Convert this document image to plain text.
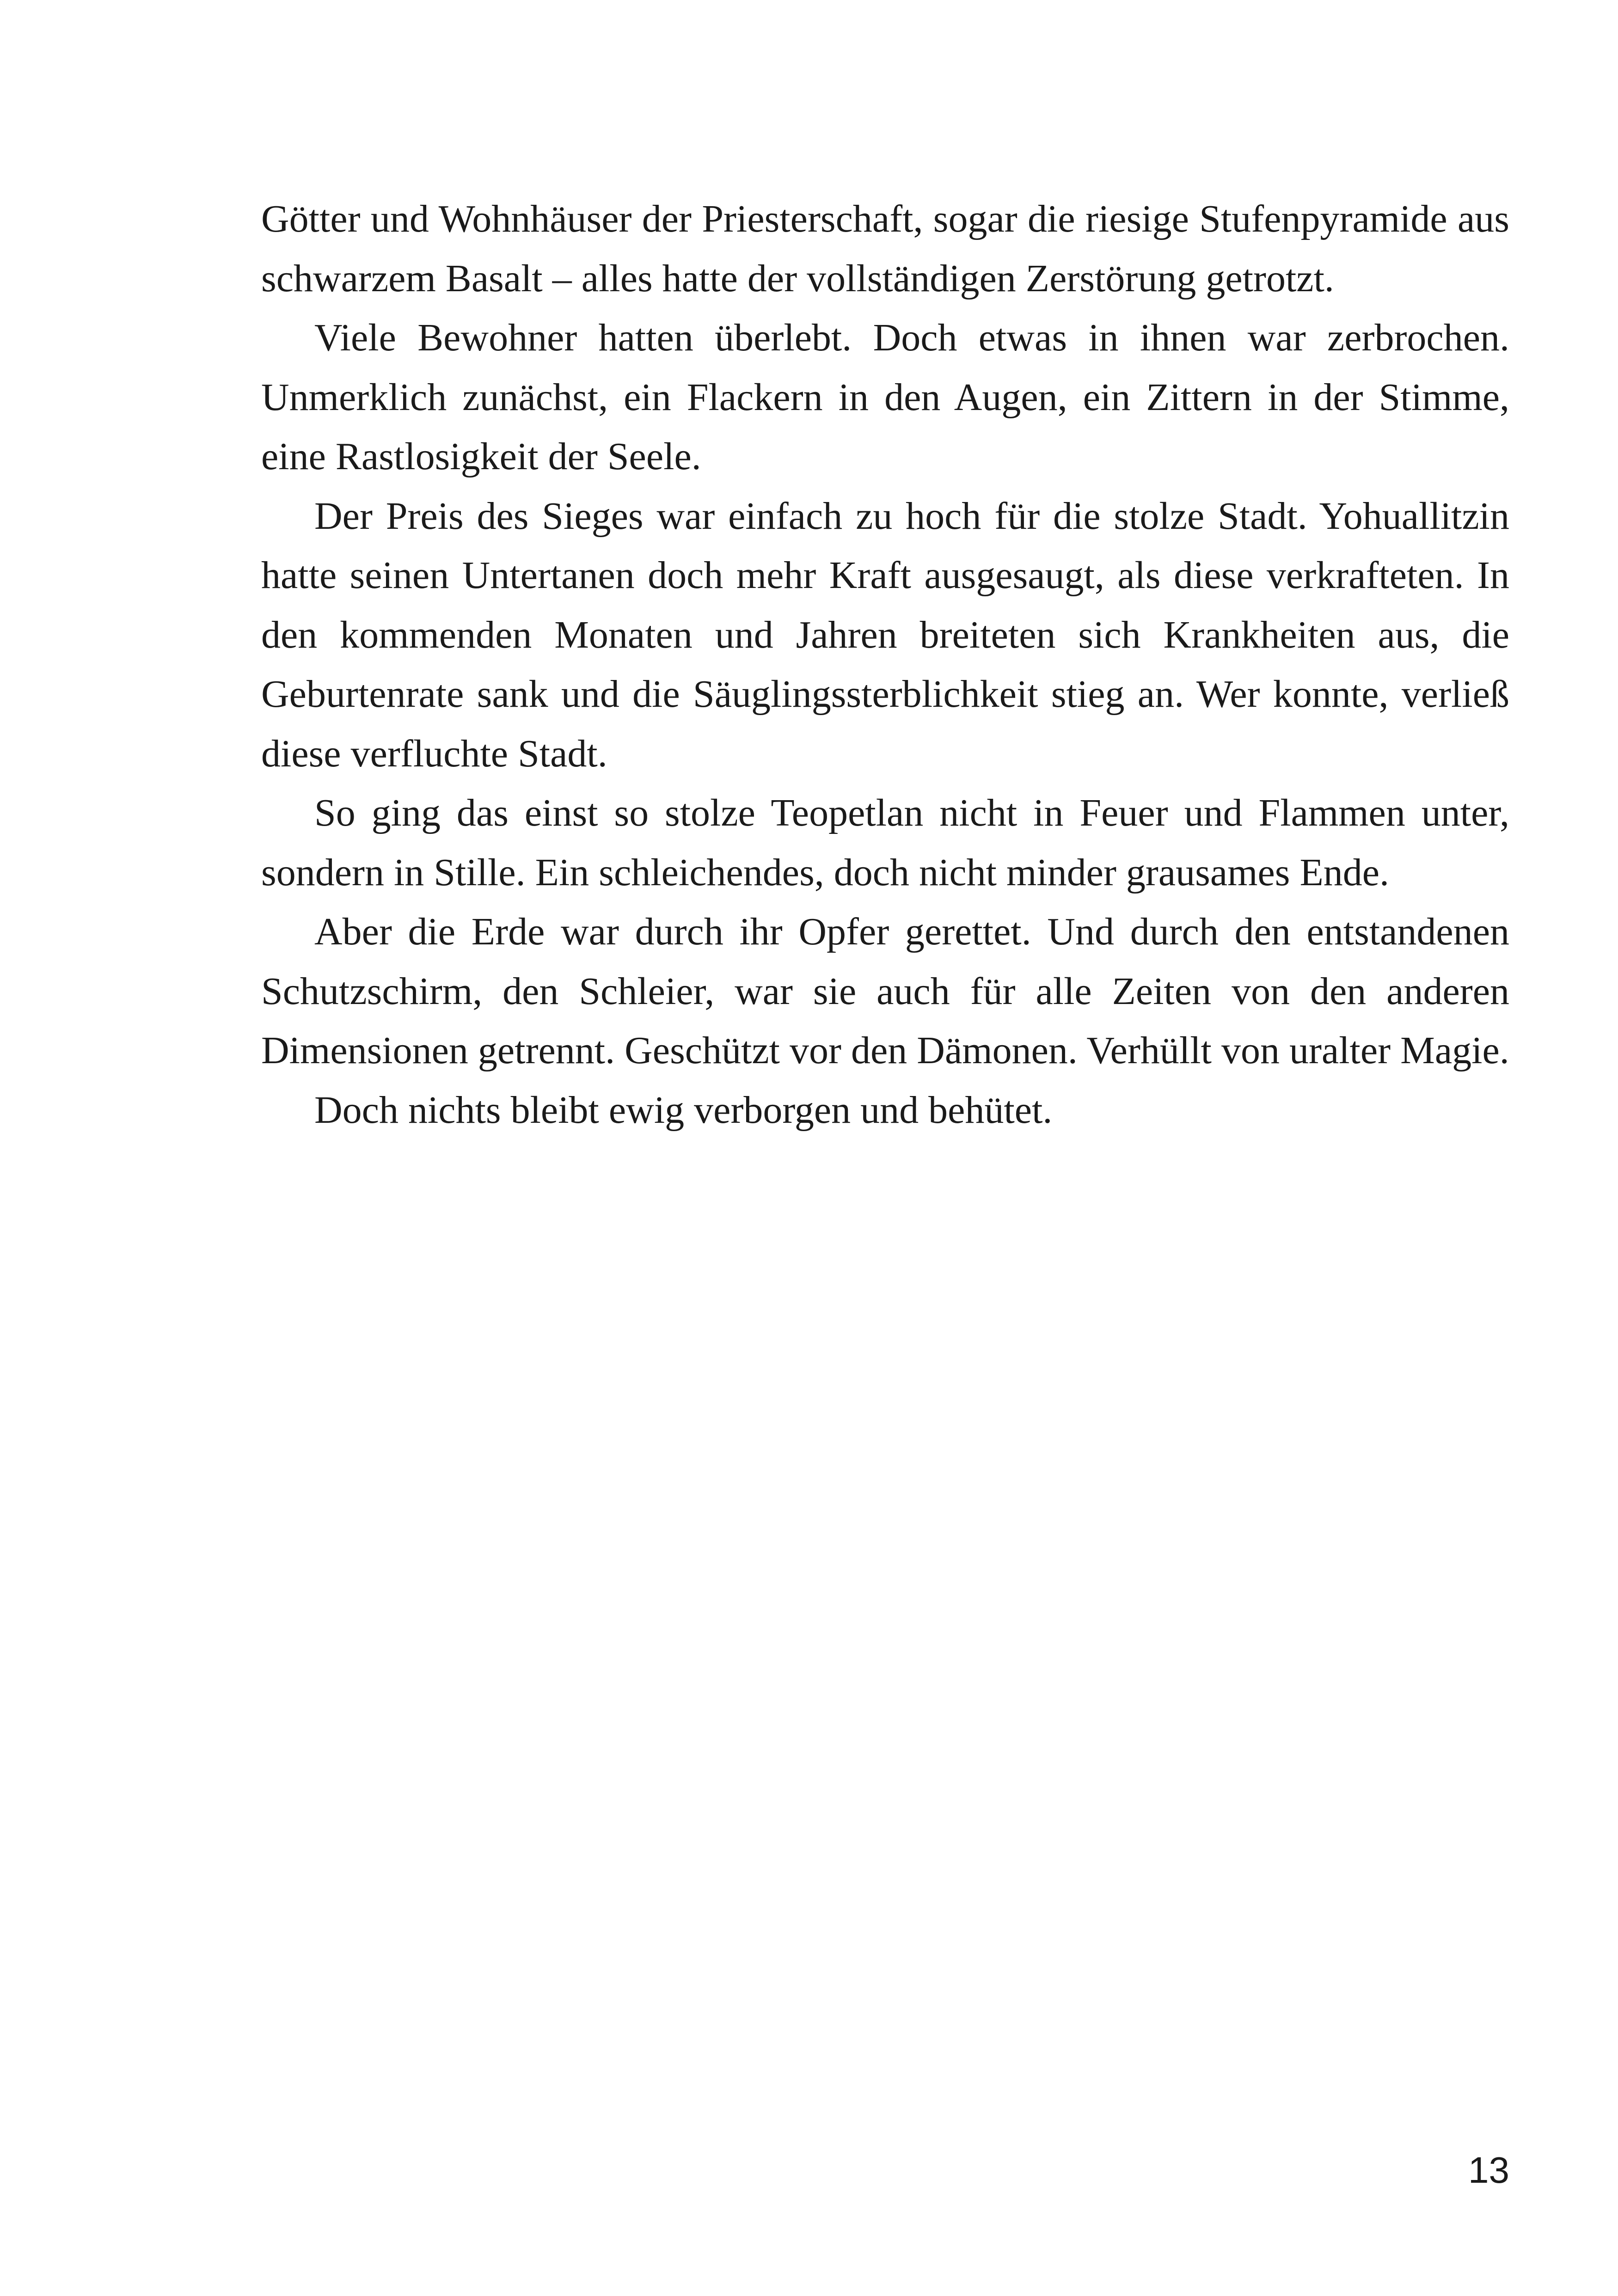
Götter und Wohnhäuser der Priesterschaft, sogar die riesige Stufenpyramide aus schwarzem Basalt – alles hatte der vollständigen Zerstörung getrotzt.

Viele Bewohner hatten überlebt. Doch etwas in ihnen war zerbrochen. Unmerklich zunächst, ein Flackern in den Augen, ein Zittern in der Stimme, eine Rastlosigkeit der Seele.

Der Preis des Sieges war einfach zu hoch für die stolze Stadt. Yohuallitzin hatte seinen Untertanen doch mehr Kraft ausgesaugt, als diese verkrafteten. In den kommenden Monaten und Jahren breiteten sich Krankheiten aus, die Geburtenrate sank und die Säuglingssterblichkeit stieg an. Wer konnte, verließ diese verfluchte Stadt.

So ging das einst so stolze Teopetlan nicht in Feuer und Flammen unter, sondern in Stille. Ein schleichendes, doch nicht minder grausames Ende.

Aber die Erde war durch ihr Opfer gerettet. Und durch den entstandenen Schutzschirm, den Schleier, war sie auch für alle Zeiten von den anderen Dimensionen getrennt. Geschützt vor den Dämonen. Verhüllt von uralter Magie.

Doch nichts bleibt ewig verborgen und behütet.

13
